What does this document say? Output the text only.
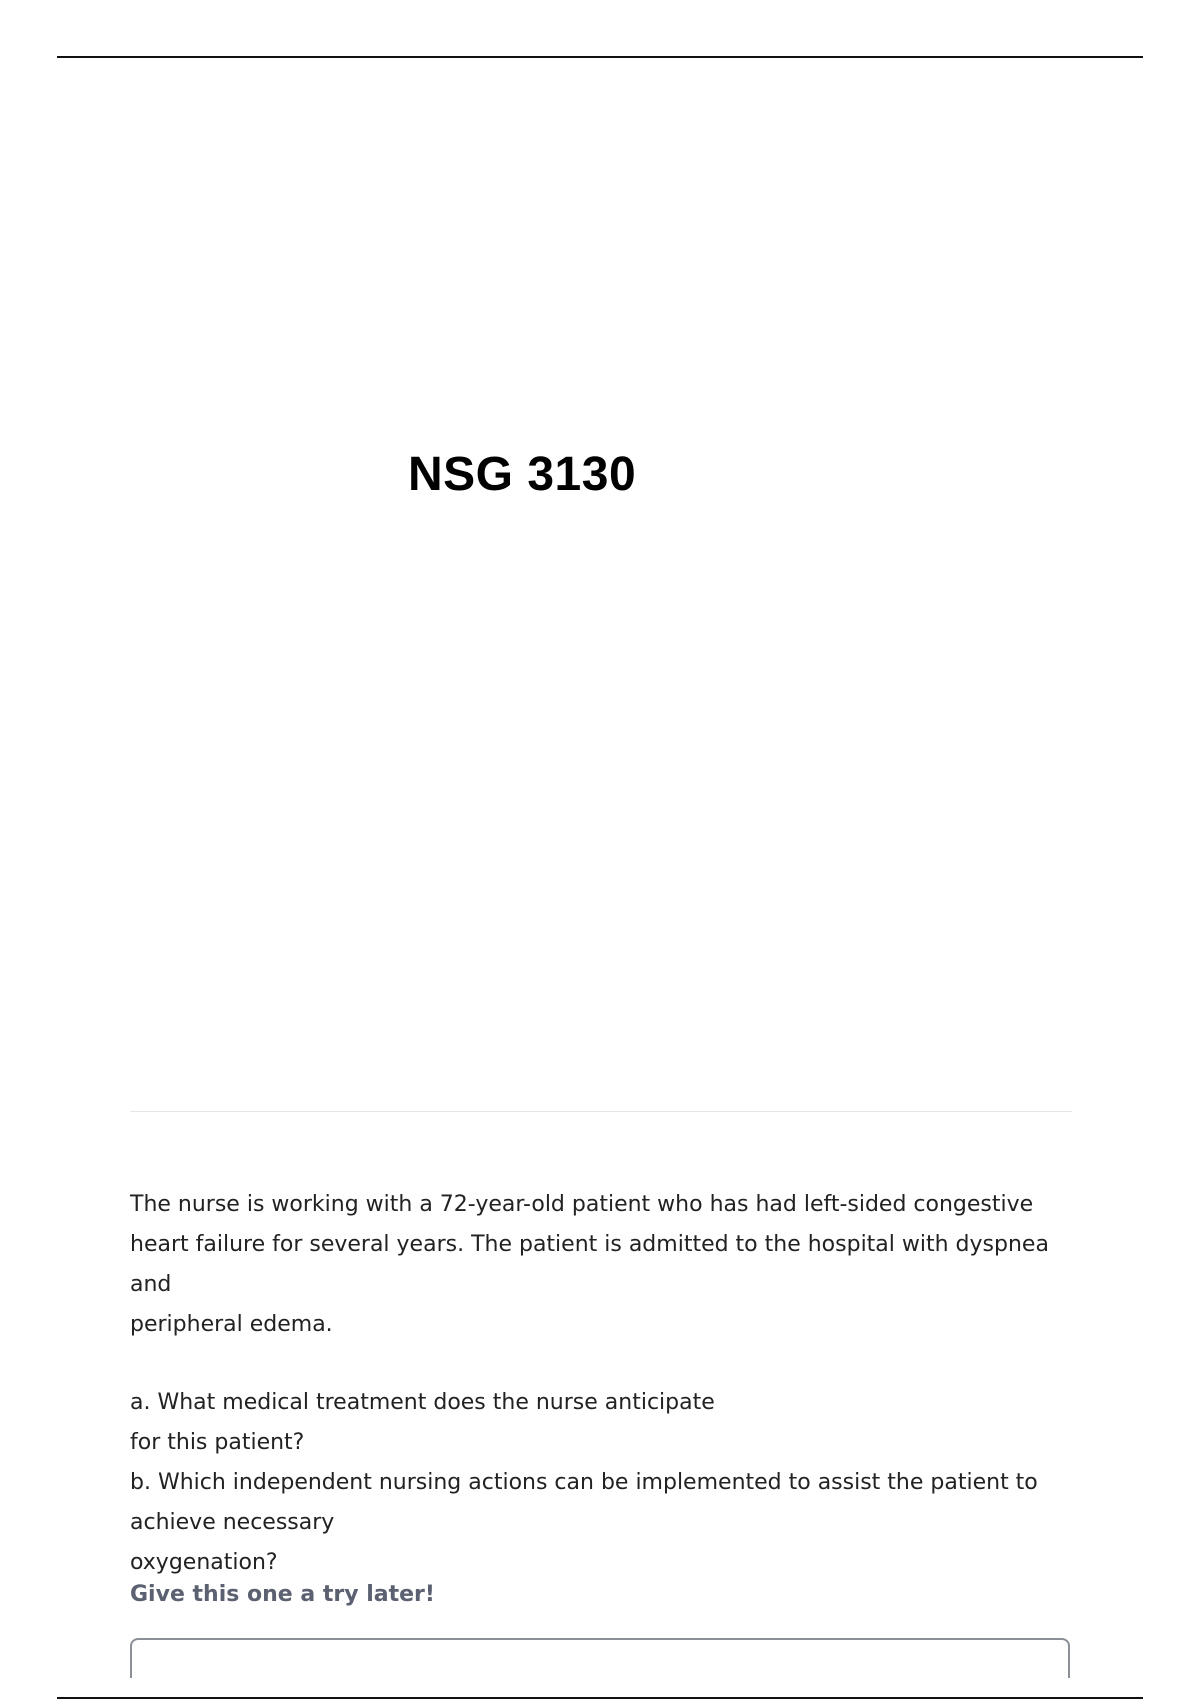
NSG 3130

The nurse is working with a 72-year-old patient who has had left-sided congestive

heart failure for several years. The patient is admitted to the hospital with dyspnea and

peripheral edema.

a. What medical treatment does the nurse anticipate

for this patient?

b. Which independent nursing actions can be implemented to assist the patient to

achieve necessary

oxygenation?

Give this one a try later!
